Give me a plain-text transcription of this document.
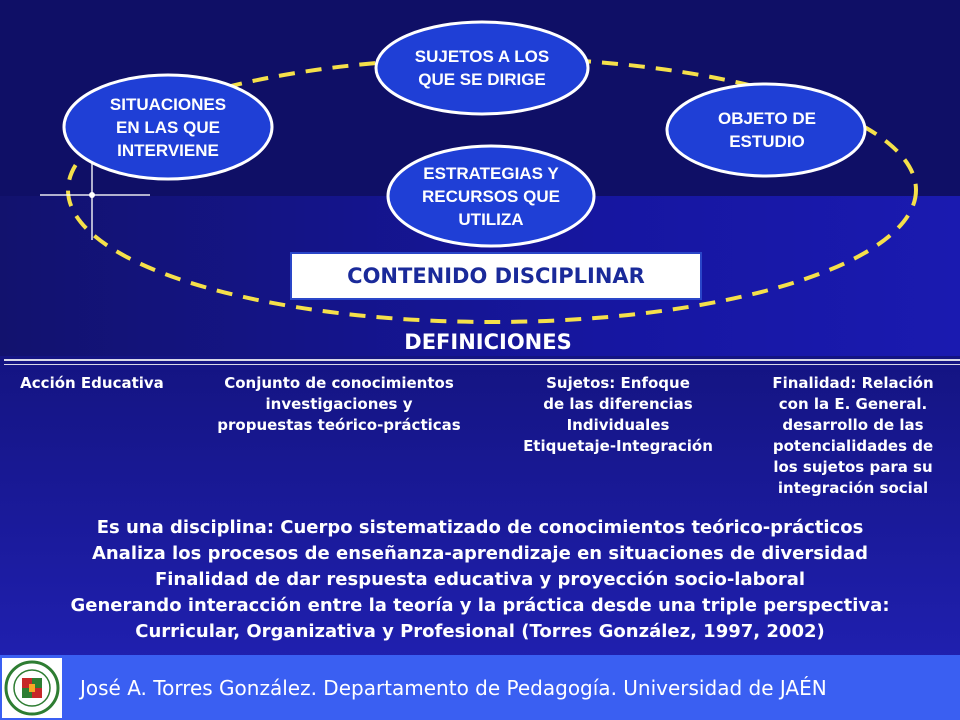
SUJETOS A LOS
QUE SE DIRIGE
SITUACIONES
EN LAS QUE
INTERVIENE
OBJETO DE
ESTUDIO
ESTRATEGIAS Y
RECURSOS QUE
UTILIZA
CONTENIDO DISCIPLINAR
DEFINICIONES
Acción Educativa	Conjunto de conocimientos
investigaciones y
propuestas teórico-prácticas
Sujetos: Enfoque
de las diferencias
Individuales
Etiquetaje-Integración
Finalidad: Relación
con la E. General.
desarrollo de las
potencialidades de
los sujetos para su
integración social
Es una disciplina: Cuerpo sistematizado de conocimientos teórico-prácticos
Analiza los procesos de enseñanza-aprendizaje en situaciones de diversidad
Finalidad de dar respuesta educativa y proyección socio-laboral
Generando interacción entre la teoría y la práctica desde una triple perspectiva:
Curricular, Organizativa y Profesional (Torres González, 1997, 2002)
José A. Torres González. Departamento de Pedagogía. Universidad de JAÉN
